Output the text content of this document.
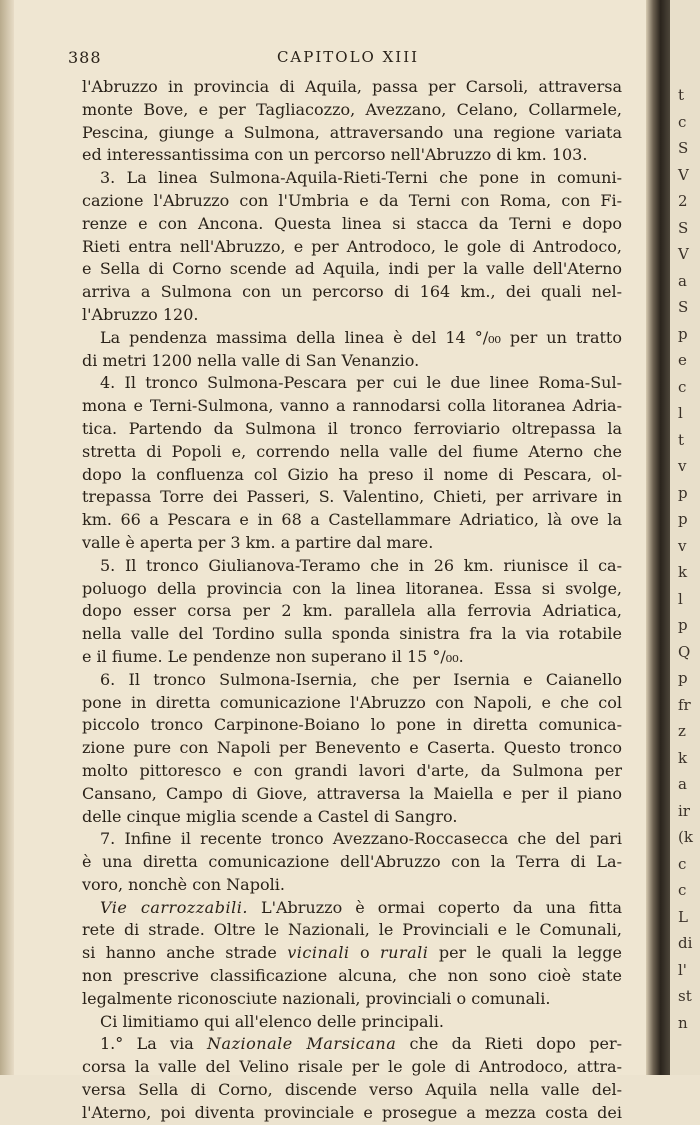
388	CAPITOLO XIII
l'Abruzzo in provincia di Aquila, passa per Carsoli, attraversa
monte Bove, e per Tagliacozzo, Avezzano, Celano, Collarmele,
Pescina, giunge a Sulmona, attraversando una regione variata
ed interessantissima con un percorso nell'Abruzzo di km. 103.
3. La linea Sulmona-Aquila-Rieti-Terni che pone in comuni-
cazione l'Abruzzo con l'Umbria e da Terni con Roma, con Fi-
renze e con Ancona. Questa linea si stacca da Terni e dopo
Rieti entra nell'Abruzzo, e per Antrodoco, le gole di Antrodoco,
e Sella di Corno scende ad Aquila, indi per la valle dell'Aterno
arriva a Sulmona con un percorso di 164 km., dei quali nel-
l'Abruzzo 120.
La pendenza massima della linea è del 14 °/₀₀ per un tratto
di metri 1200 nella valle di San Venanzio.
4. Il tronco Sulmona-Pescara per cui le due linee Roma-Sul-
mona e Terni-Sulmona, vanno a rannodarsi colla litoranea Adria-
tica. Partendo da Sulmona il tronco ferroviario oltrepassa la
stretta di Popoli e, correndo nella valle del fiume Aterno che
dopo la confluenza col Gizio ha preso il nome di Pescara, ol-
trepassa Torre dei Passeri, S. Valentino, Chieti, per arrivare in
km. 66 a Pescara e in 68 a Castellammare Adriatico, là ove la
valle è aperta per 3 km. a partire dal mare.
5. Il tronco Giulianova-Teramo che in 26 km. riunisce il ca-
poluogo della provincia con la linea litoranea. Essa si svolge,
dopo esser corsa per 2 km. parallela alla ferrovia Adriatica,
nella valle del Tordino sulla sponda sinistra fra la via rotabile
e il fiume. Le pendenze non superano il 15 °/₀₀.
6. Il tronco Sulmona-Isernia, che per Isernia e Caianello
pone in diretta comunicazione l'Abruzzo con Napoli, e che col
piccolo tronco Carpinone-Boiano lo pone in diretta comunica-
zione pure con Napoli per Benevento e Caserta. Questo tronco
molto pittoresco e con grandi lavori d'arte, da Sulmona per
Cansano, Campo di Giove, attraversa la Maiella e per il piano
delle cinque miglia scende a Castel di Sangro.
7. Infine il recente tronco Avezzano-Roccasecca che del pari
è una diretta comunicazione dell'Abruzzo con la Terra di La-
voro, nonchè con Napoli.
Vie carrozzabili. L'Abruzzo è ormai coperto da una fitta
rete di strade. Oltre le Nazionali, le Provinciali e le Comunali,
si hanno anche strade vicinali o rurali per le quali la legge
non prescrive classificazione alcuna, che non sono cioè state
legalmente riconosciute nazionali, provinciali o comunali.
Ci limitiamo qui all'elenco delle principali.
1.° La via Nazionale Marsicana che da Rieti dopo per-
corsa la valle del Velino risale per le gole di Antrodoco, attra-
versa Sella di Corno, discende verso Aquila nella valle del-
l'Aterno, poi diventa provinciale e prosegue a mezza costa dei
t
c
S
V
2
S
V
a
S
p
e
c
l
t
v
p
p
v
k
l
p
Q
p
fr
z
k
a
ir
(k
c
c
L
di
l'
st
n
